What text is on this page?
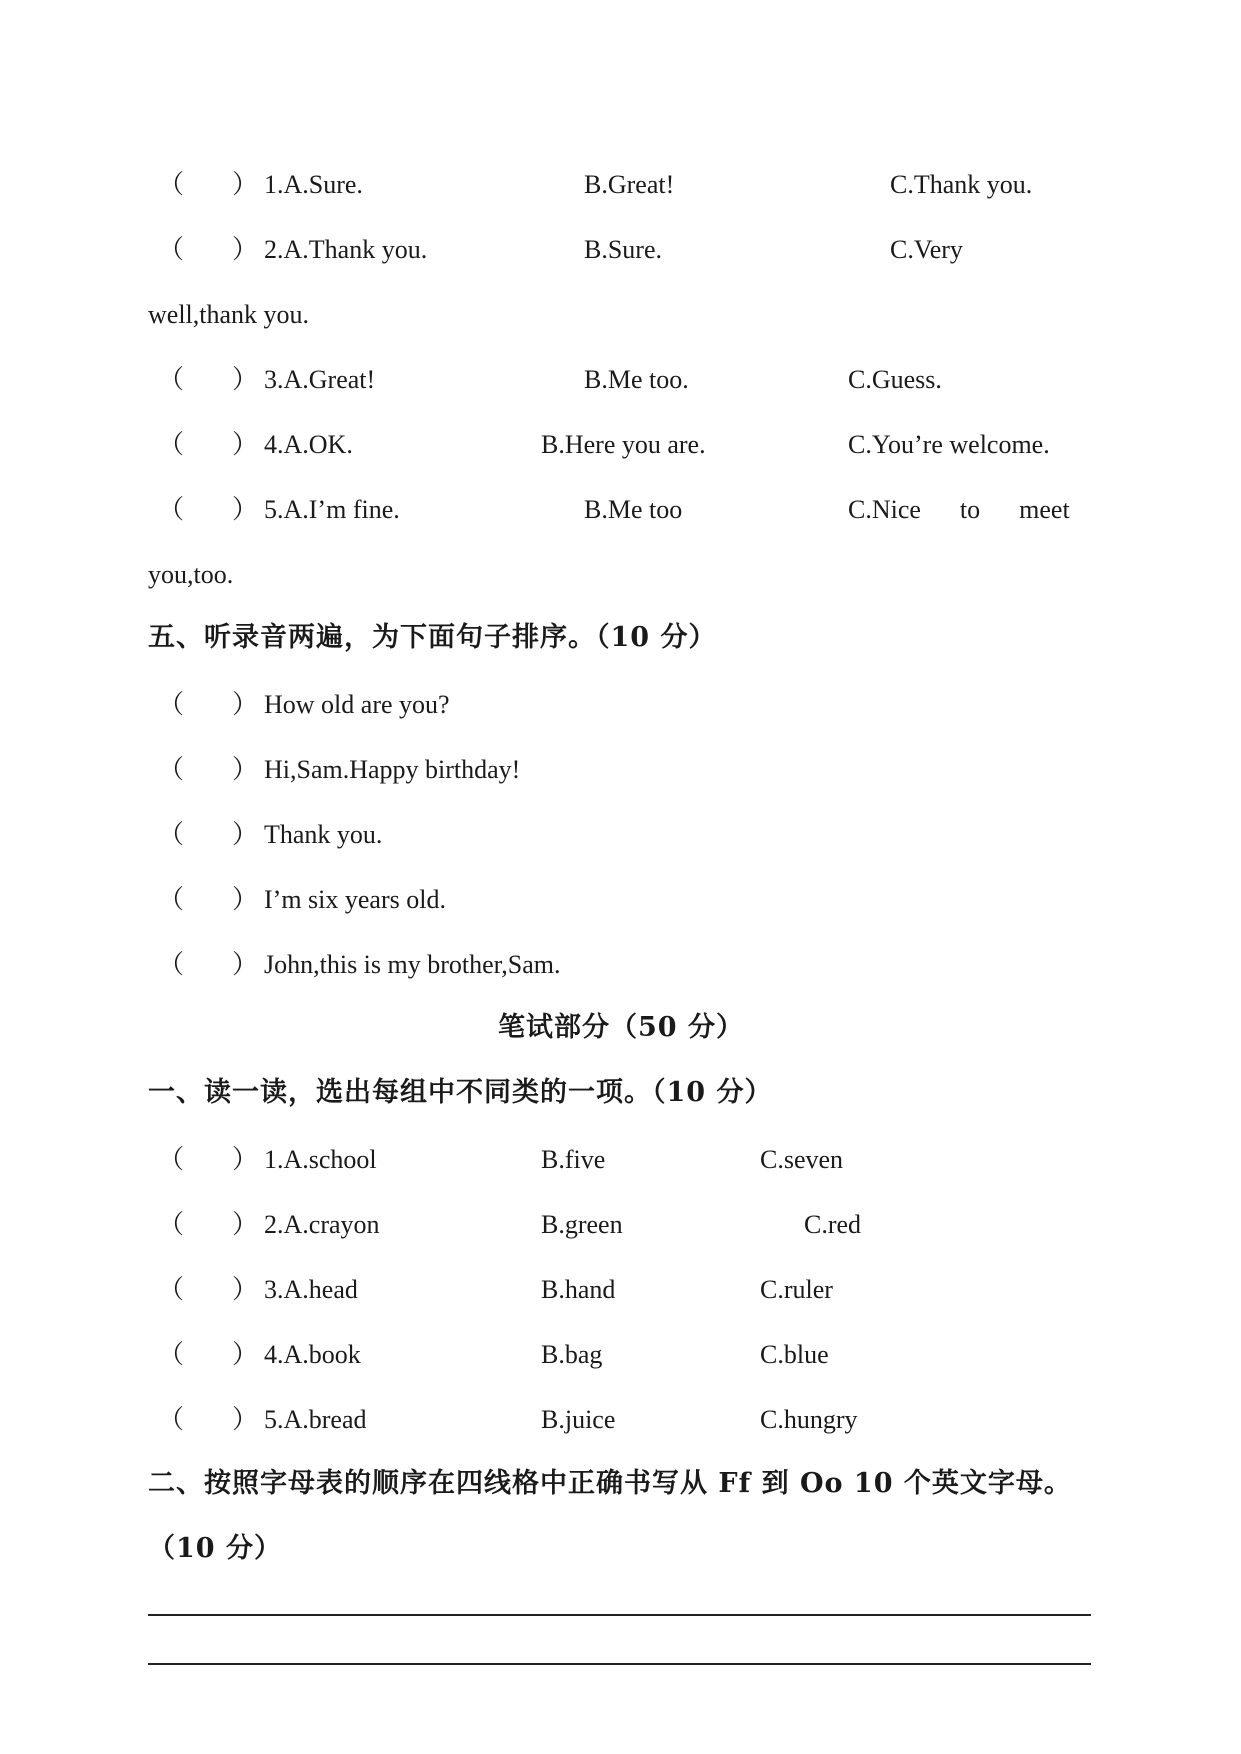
（ ） 1.A.Sure.	B.Great!	C.Thank you.
（ ） 2.A.Thank you.	B.Sure.	C.Very
well,thank you.
（ ） 3.A.Great!	B.Me too.	C.Guess.
（ ） 4.A.OK.	B.Here you are.	C.You’re welcome.
（ ） 5.A.I’m fine.	B.Me too	C.Nice      to      meet
you,too.
五、听录音两遍，为下面句子排序。（10 分）
（ ） How old are you?
（ ） Hi,Sam.Happy birthday!
（ ） Thank you.
（ ） I’m six years old.
（ ） John,this is my brother,Sam.
笔试部分（50 分）
一、读一读，选出每组中不同类的一项。（10 分）
（ ） 1.A.school	B.five	C.seven
（ ） 2.A.crayon	B.green	C.red
（ ） 3.A.head	B.hand	C.ruler
（ ） 4.A.book	B.bag	C.blue
（ ） 5.A.bread	B.juice	C.hungry
二、按照字母表的顺序在四线格中正确书写从 Ff 到 Oo 10 个英文字母。
（10 分）
